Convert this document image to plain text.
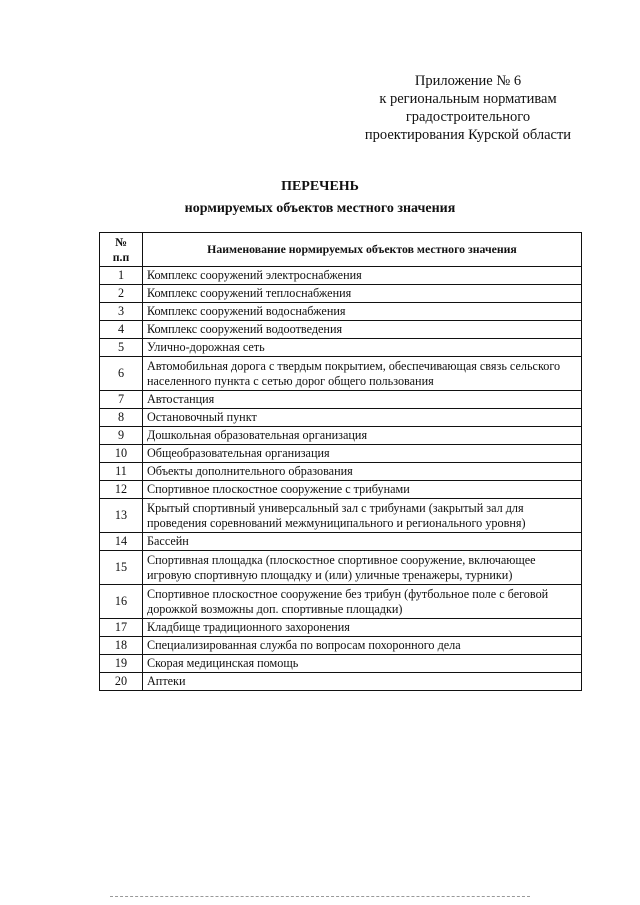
Приложение № 6
к региональным нормативам
градостроительного
проектирования Курской области
ПЕРЕЧЕНЬ
нормируемых объектов местного значения
№
п.п	Наименование нормируемых объектов местного значения
1	Комплекс сооружений электроснабжения
2	Комплекс сооружений теплоснабжения
3	Комплекс сооружений водоснабжения
4	Комплекс сооружений водоотведения
5	Улично-дорожная сеть
6	Автомобильная дорога с твердым покрытием, обеспечивающая связь сельского населенного пункта с сетью дорог общего пользования
7	Автостанция
8	Остановочный пункт
9	Дошкольная образовательная организация
10	Общеобразовательная организация
11	Объекты дополнительного образования
12	Спортивное плоскостное сооружение с трибунами
13	Крытый спортивный универсальный зал с трибунами (закрытый зал для проведения соревнований межмуниципального и регионального уровня)
14	Бассейн
15	Спортивная площадка (плоскостное спортивное сооружение, включающее игровую спортивную площадку и (или) уличные тренажеры, турники)
16	Спортивное плоскостное сооружение без трибун (футбольное поле с беговой дорожкой возможны доп. спортивные площадки)
17	Кладбище традиционного захоронения
18	Специализированная служба по вопросам похоронного дела
19	Скорая медицинская помощь
20	Аптеки
